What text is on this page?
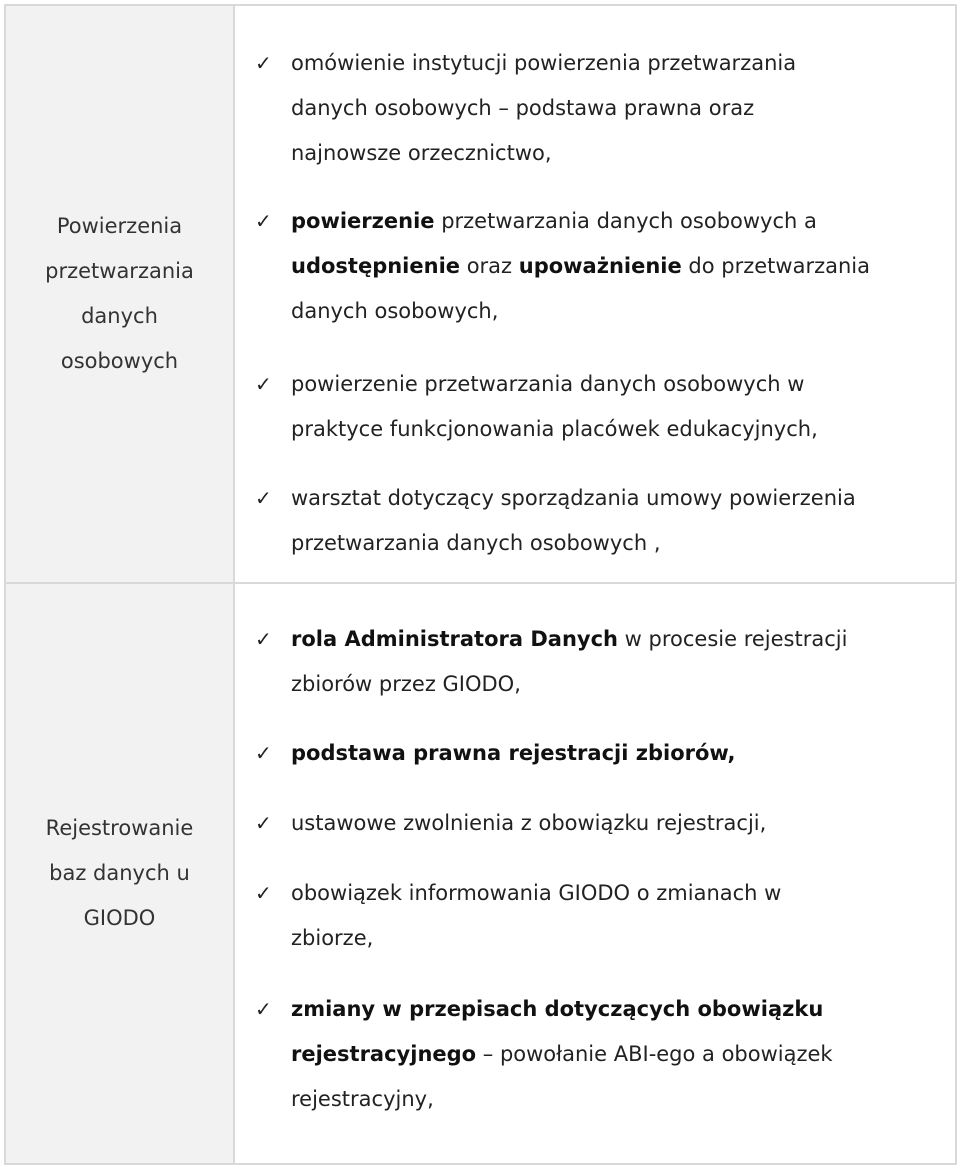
Powierzenia
przetwarzania
danych
osobowych
✓ omówienie instytucji powierzenia przetwarzania
danych osobowych – podstawa prawna oraz
najnowsze orzecznictwo,
✓ powierzenie przetwarzania danych osobowych a
udostępnienie oraz upoważnienie do przetwarzania
danych osobowych,
✓ powierzenie przetwarzania danych osobowych w
praktyce funkcjonowania placówek edukacyjnych,
✓ warsztat dotyczący sporządzania umowy powierzenia
przetwarzania danych osobowych ,
Rejestrowanie
baz danych u
GIODO
✓ rola Administratora Danych w procesie rejestracji
zbiorów przez GIODO,
✓ podstawa prawna rejestracji zbiorów,
✓ ustawowe zwolnienia z obowiązku rejestracji,
✓ obowiązek informowania GIODO o zmianach w
zbiorze,
✓ zmiany w przepisach dotyczących obowiązku
rejestracyjnego – powołanie ABI-ego a obowiązek
rejestracyjny,
